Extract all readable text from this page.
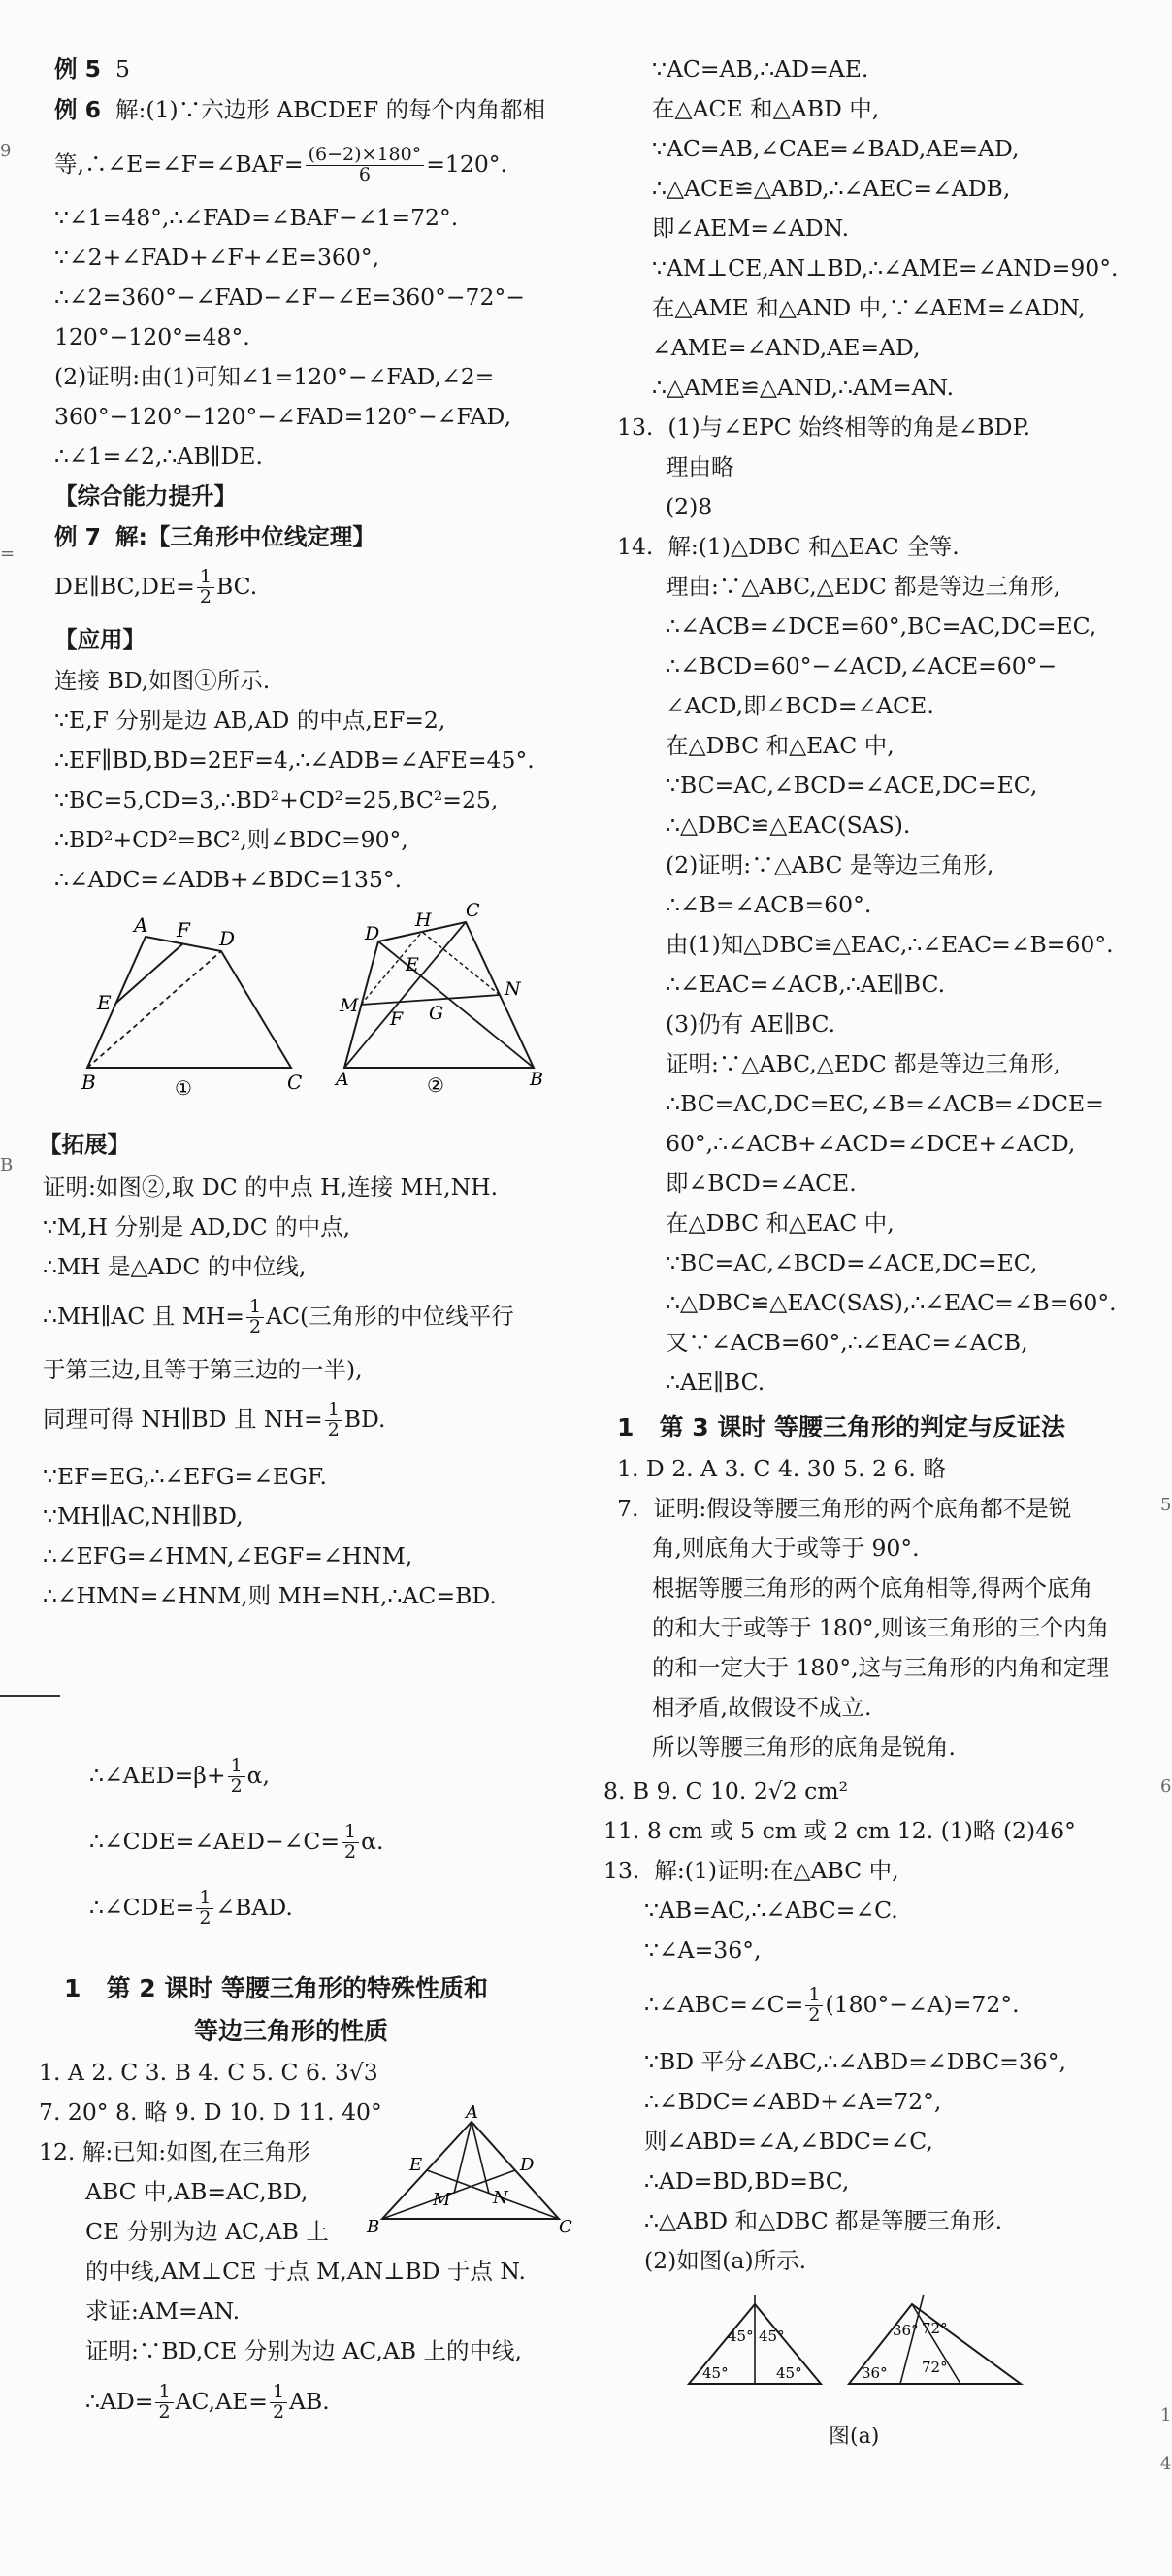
例 5 5
例 6 解:(1)∵六边形 ABCDEF 的每个内角都相
等,∴∠E=∠F=∠BAF= $\frac{(6-2)\times 180^\circ}{6} =120^\circ$.
∵∠1=48°,∴∠FAD=∠BAF−∠1=72°.
∵∠2+∠FAD+∠F+∠E=360°,
∴∠2=360°−∠FAD−∠F−∠E=360°−72°−
120°−120°=48°.
(2)证明:由(1)可知∠1=120°−∠FAD,∠2=
360°−120°−120°−∠FAD=120°−∠FAD,
∴∠1=∠2,∴AB∥DE.
【综合能力提升】
例 7 解:【三角形中位线定理】
DE∥BC,DE= $\frac{1}{2}$ BC.
【应用】
连接 BD,如图①所示.
∵E,F 分别是边 AB,AD 的中点,EF=2,
∴EF∥BD,BD=2EF=4,∴∠ADB=∠AFE=45°.
∵BC=5,CD=3,∴BD²+CD²=25,BC²=25,
∴BD²+CD²=BC²,则∠BDC=90°,
∴∠ADC=∠ADB+∠BDC=135°.
A F D
E
B	C
①
D
H C
E
M
F G
N
A	B
②
【拓展】
证明:如图②,取 DC 的中点 H,连接 MH,NH.
∵M,H 分别是 AD,DC 的中点,
∴MH 是△ADC 的中位线,
∴MH∥AC 且 $MH= \frac{1}{2} AC$(三角形的中位线平行
于第三边,且等于第三边的一半),
同理可得 NH∥BD 且 $NH= \frac{1}{2}$ BD.
∵EF=EG,∴∠EFG=∠EGF.
∵MH∥AC,NH∥BD,
∴∠EFG=∠HMN,∠EGF=∠HNM,
∴∠HMN=∠HNM,则 MH=NH,∴AC=BD.
∴∠AED=β+ $\frac{1}{2} \alpha$,
∴∠CDE=∠AED−∠C= $\frac{1}{2} \alpha$.
∴∠CDE= $\frac{1}{2}$ ∠BAD.
1 第 2 课时 等腰三角形的特殊性质和
等边三角形的性质
1. A 2. C 3. B 4. C 5. C 6. 3√3
7. 20° 8. 略 9. D 10. D 11. 40°
12. 解:已知:如图,在三角形
ABC 中,AB=AC,BD,
CE 分别为边 AC,AB 上
的中线,AM⊥CE 于点 M,AN⊥BD 于点 N.
求证:AM=AN.
证明:∵BD,CE 分别为边 AC,AB 上的中线,
∴AD= $\frac{1}{2} AC,AE= \frac{1}{2}$ AB.
A
E	D
M N
B	C
∵AC=AB,∴AD=AE.
在△ACE 和△ABD 中,
∵AC=AB,∠CAE=∠BAD,AE=AD,
∴△ACE≌△ABD,∴∠AEC=∠ADB,
即∠AEM=∠ADN.
∵AM⊥CE,AN⊥BD,∴∠AME=∠AND=90°.
在△AME 和△AND 中,∵∠AEM=∠ADN,
∠AME=∠AND,AE=AD,
∴△AME≌△AND,∴AM=AN.
13. (1)与∠EPC 始终相等的角是∠BDP.
理由略
(2)8
14. 解:(1)△DBC 和△EAC 全等.
理由:∵△ABC,△EDC 都是等边三角形,
∴∠ACB=∠DCE=60°,BC=AC,DC=EC,
∴∠BCD=60°−∠ACD,∠ACE=60°−
∠ACD,即∠BCD=∠ACE.
在△DBC 和△EAC 中,
∵BC=AC,∠BCD=∠ACE,DC=EC,
∴△DBC≌△EAC(SAS).
(2)证明:∵△ABC 是等边三角形,
∴∠B=∠ACB=60°.
由(1)知△DBC≌△EAC,∴∠EAC=∠B=60°.
∴∠EAC=∠ACB,∴AE∥BC.
(3)仍有 AE∥BC.
证明:∵△ABC,△EDC 都是等边三角形,
∴BC=AC,DC=EC,∠B=∠ACB=∠DCE=
60°,∴∠ACB+∠ACD=∠DCE+∠ACD,
即∠BCD=∠ACE.
在△DBC 和△EAC 中,
∵BC=AC,∠BCD=∠ACE,DC=EC,
∴△DBC≌△EAC(SAS),∴∠EAC=∠B=60°.
又∵∠ACB=60°,∴∠EAC=∠ACB,
∴AE∥BC.
1 第 3 课时 等腰三角形的判定与反证法
1. D 2. A 3. C 4. 30 5. 2 6. 略
7. 证明:假设等腰三角形的两个底角都不是锐
角,则底角大于或等于 90°.
根据等腰三角形的两个底角相等,得两个底角
的和大于或等于 180°,则该三角形的三个内角
的和一定大于 180°,这与三角形的内角和定理
相矛盾,故假设不成立.
所以等腰三角形的底角是锐角.
8. B 9. C 10. 2√2 cm²
11. 8 cm 或 5 cm 或 2 cm 12. (1)略 (2)46°
13. 解:(1)证明:在△ABC 中,
∵AB=AC,∴∠ABC=∠C.
∵∠A=36°,
∴∠ABC=∠C= $\frac{1}{2}$ (180°−∠A)=72°.
∵BD 平分∠ABC,∴∠ABD=∠DBC=36°,
∴∠BDC=∠ABD+∠A=72°,
则∠ABD=∠A,∠BDC=∠C,
∴AD=BD,BD=BC,
∴△ABD 和△DBC 都是等腰三角形.
(2)如图(a)所示.
45° 45°
45°	45°
36° 72°
36° 72°
图(a)
9
=
B
5
6
1
4
